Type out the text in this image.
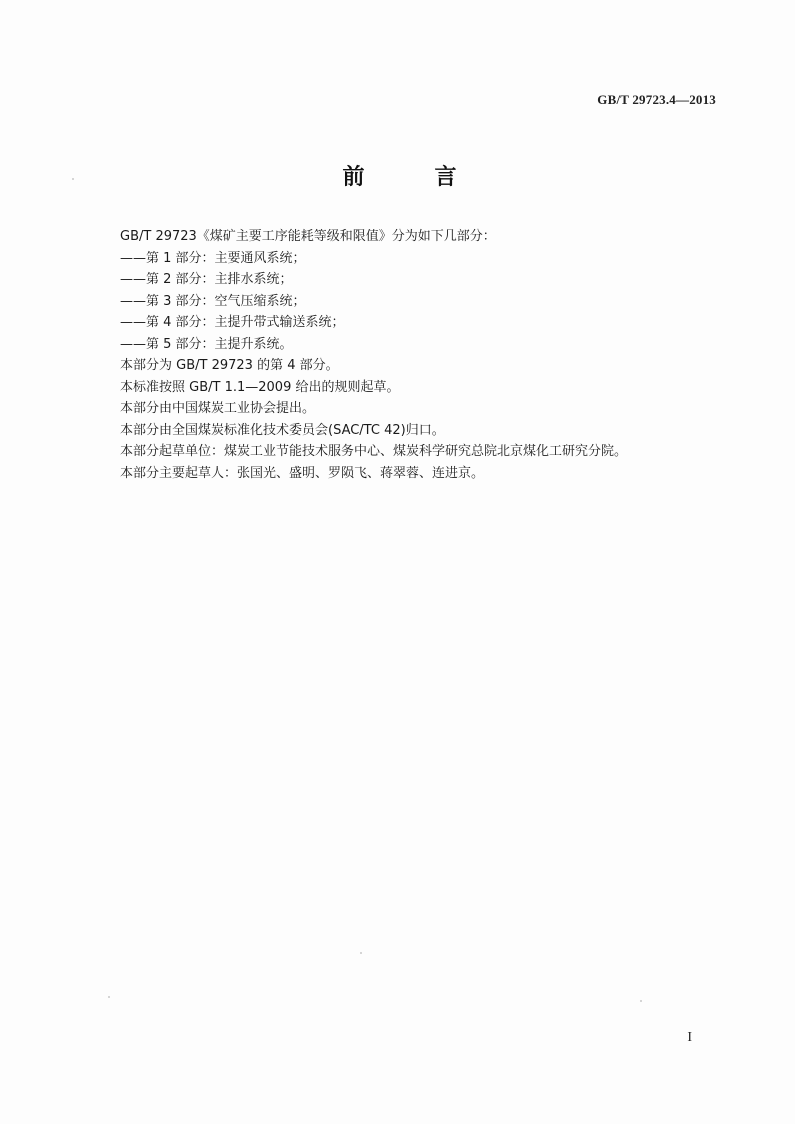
GB/T 29723.4—2013
前　言

GB/T 29723《煤矿主要工序能耗等级和限值》分为如下几部分：

——第 1 部分：主要通风系统；

——第 2 部分：主排水系统；

——第 3 部分：空气压缩系统；

——第 4 部分：主提升带式输送系统；

——第 5 部分：主提升系统。

本部分为 GB/T 29723 的第 4 部分。

本标准按照 GB/T 1.1—2009 给出的规则起草。

本部分由中国煤炭工业协会提出。

本部分由全国煤炭标准化技术委员会(SAC/TC 42)归口。

本部分起草单位：煤炭工业节能技术服务中心、煤炭科学研究总院北京煤化工研究分院。

本部分主要起草人：张国光、盛明、罗陨飞、蒋翠蓉、连进京。

I
